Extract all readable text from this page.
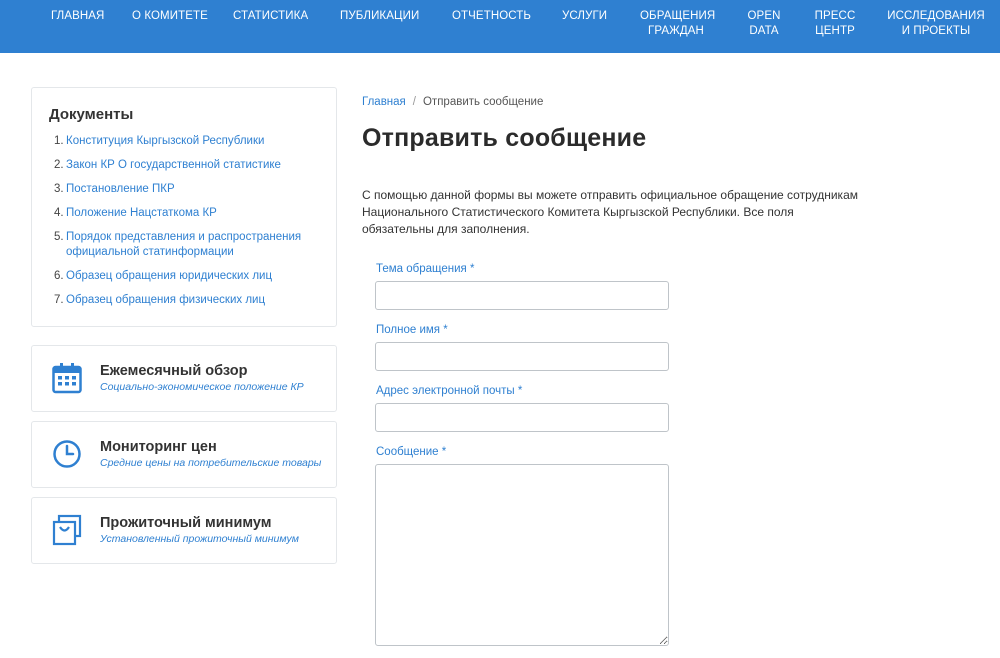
ГЛАВНАЯ О КОМИТЕТЕ СТАТИСТИКА	ПУБЛИКАЦИИ	ОТЧЕТНОСТЬ	УСЛУГИ	ОБРАЩЕНИЯ ГРАЖДАН
OPEN DATA
ПРЕСС ЦЕНТР
ИССЛЕДОВАНИЯ И ПРОЕКТЫ
Документы
1. Конституция Кыргызской Республики
2. Закон КР О государственной статистике
3. Постановление ПКР
4. Положение Нацстаткома КР
5. Порядок представления и распространения официальной статинформации
6. Образец обращения юридических лиц
7. Образец обращения физических лиц
Ежемесячный обзор
Социально-экономическое положение КР
Мониторинг цен
Средние цены на потребительские товары
Прожиточный минимум
Установленный прожиточный минимум
Главная / Отправить сообщение
Отправить сообщение

С помощью данной формы вы можете отправить официальное обращение сотрудникам Национального Статистического Комитета Кыргызской Республики. Все поля обязательны для заполнения.

Тема обращения *
Полное имя *
Адрес электронной почты *
Сообщение *
